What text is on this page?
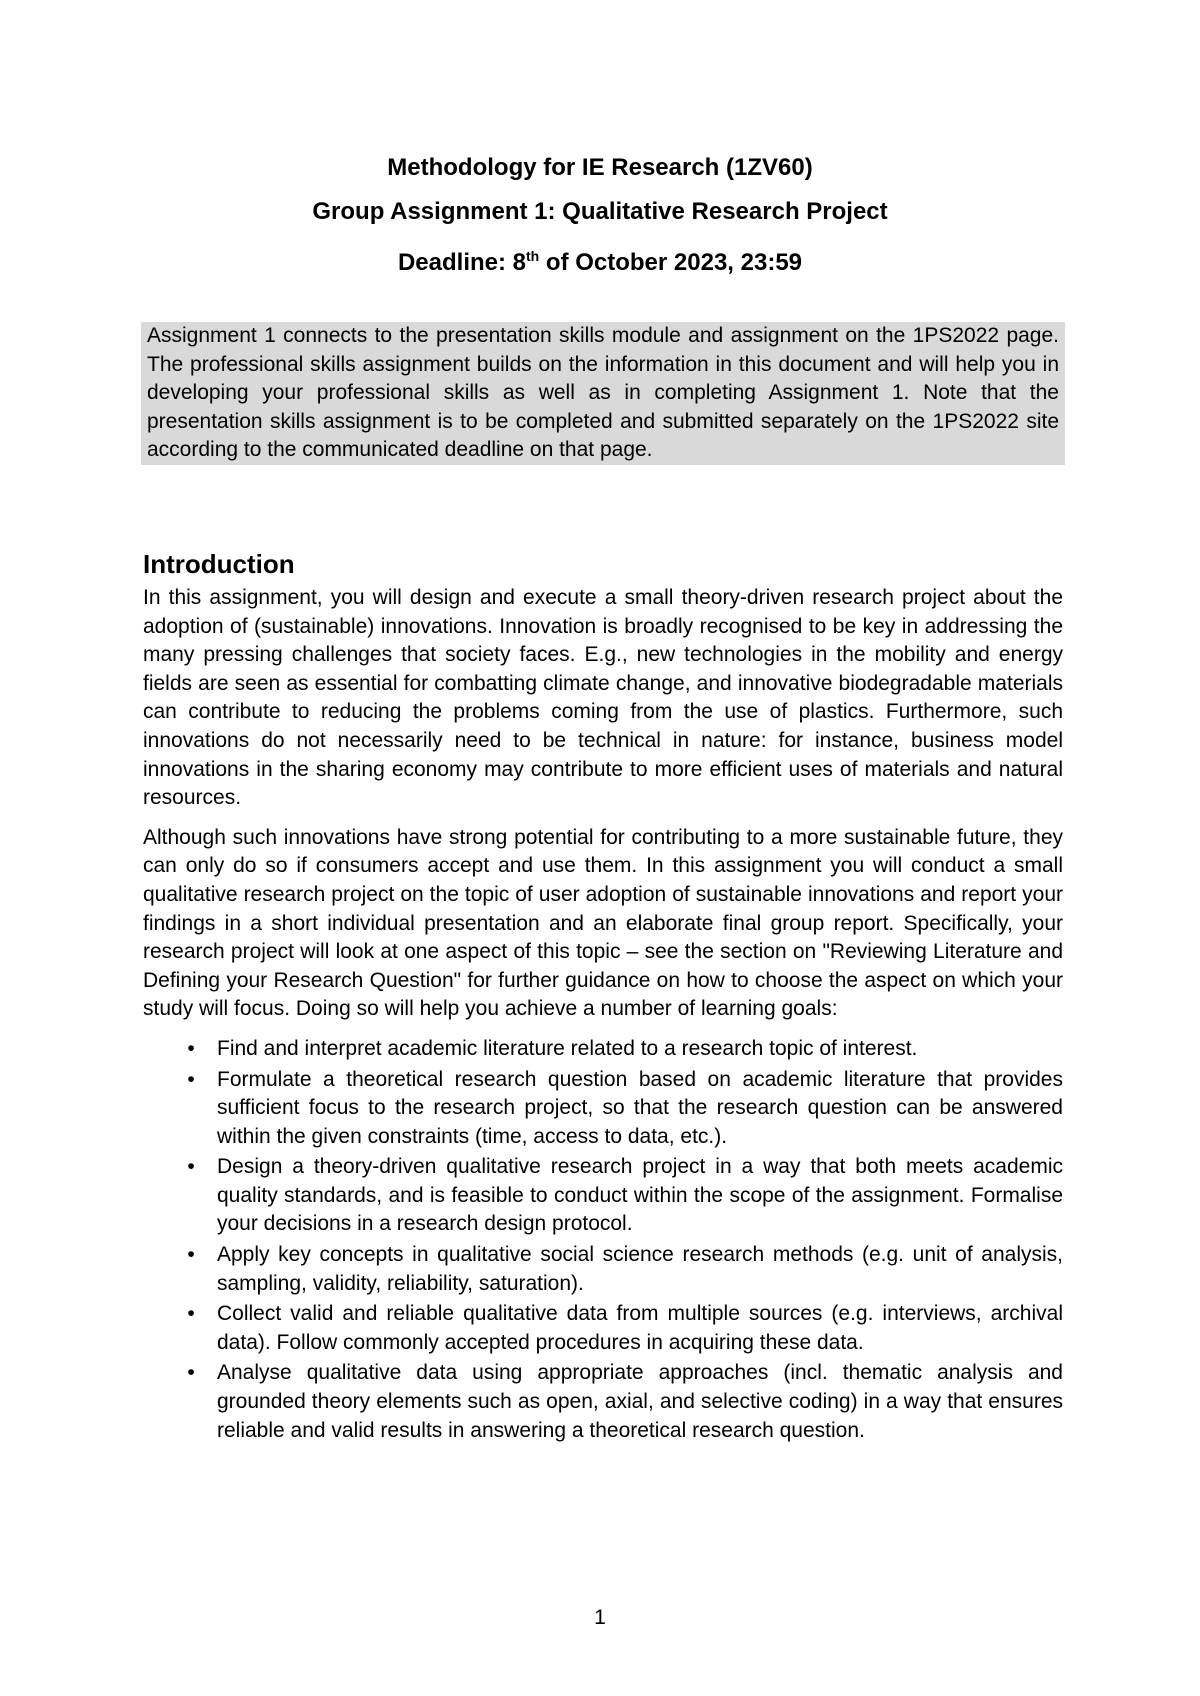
Methodology for IE Research (1ZV60)
Group Assignment 1: Qualitative Research Project
Deadline: 8th of October 2023, 23:59
Assignment 1 connects to the presentation skills module and assignment on the 1PS2022 page. The professional skills assignment builds on the information in this document and will help you in developing your professional skills as well as in completing Assignment 1. Note that the presentation skills assignment is to be completed and submitted separately on the 1PS2022 site according to the communicated deadline on that page.
Introduction

In this assignment, you will design and execute a small theory-driven research project about the adoption of (sustainable) innovations. Innovation is broadly recognised to be key in addressing the many pressing challenges that society faces. E.g., new technologies in the mobility and energy fields are seen as essential for combatting climate change, and innovative biodegradable materials can contribute to reducing the problems coming from the use of plastics. Furthermore, such innovations do not necessarily need to be technical in nature: for instance, business model innovations in the sharing economy may contribute to more efficient uses of materials and natural resources.

Although such innovations have strong potential for contributing to a more sustainable future, they can only do so if consumers accept and use them. In this assignment you will conduct a small qualitative research project on the topic of user adoption of sustainable innovations and report your findings in a short individual presentation and an elaborate final group report. Specifically, your research project will look at one aspect of this topic – see the section on "Reviewing Literature and Defining your Research Question" for further guidance on how to choose the aspect on which your study will focus. Doing so will help you achieve a number of learning goals:

•	Find and interpret academic literature related to a research topic of interest.
•	Formulate a theoretical research question based on academic literature that provides sufficient focus to the research project, so that the research question can be answered within the given constraints (time, access to data, etc.).
•	Design a theory-driven qualitative research project in a way that both meets academic quality standards, and is feasible to conduct within the scope of the assignment. Formalise your decisions in a research design protocol.
•	Apply key concepts in qualitative social science research methods (e.g. unit of analysis, sampling, validity, reliability, saturation).
•	Collect valid and reliable qualitative data from multiple sources (e.g. interviews, archival data). Follow commonly accepted procedures in acquiring these data.
•	Analyse qualitative data using appropriate approaches (incl. thematic analysis and grounded theory elements such as open, axial, and selective coding) in a way that ensures reliable and valid results in answering a theoretical research question.
1
